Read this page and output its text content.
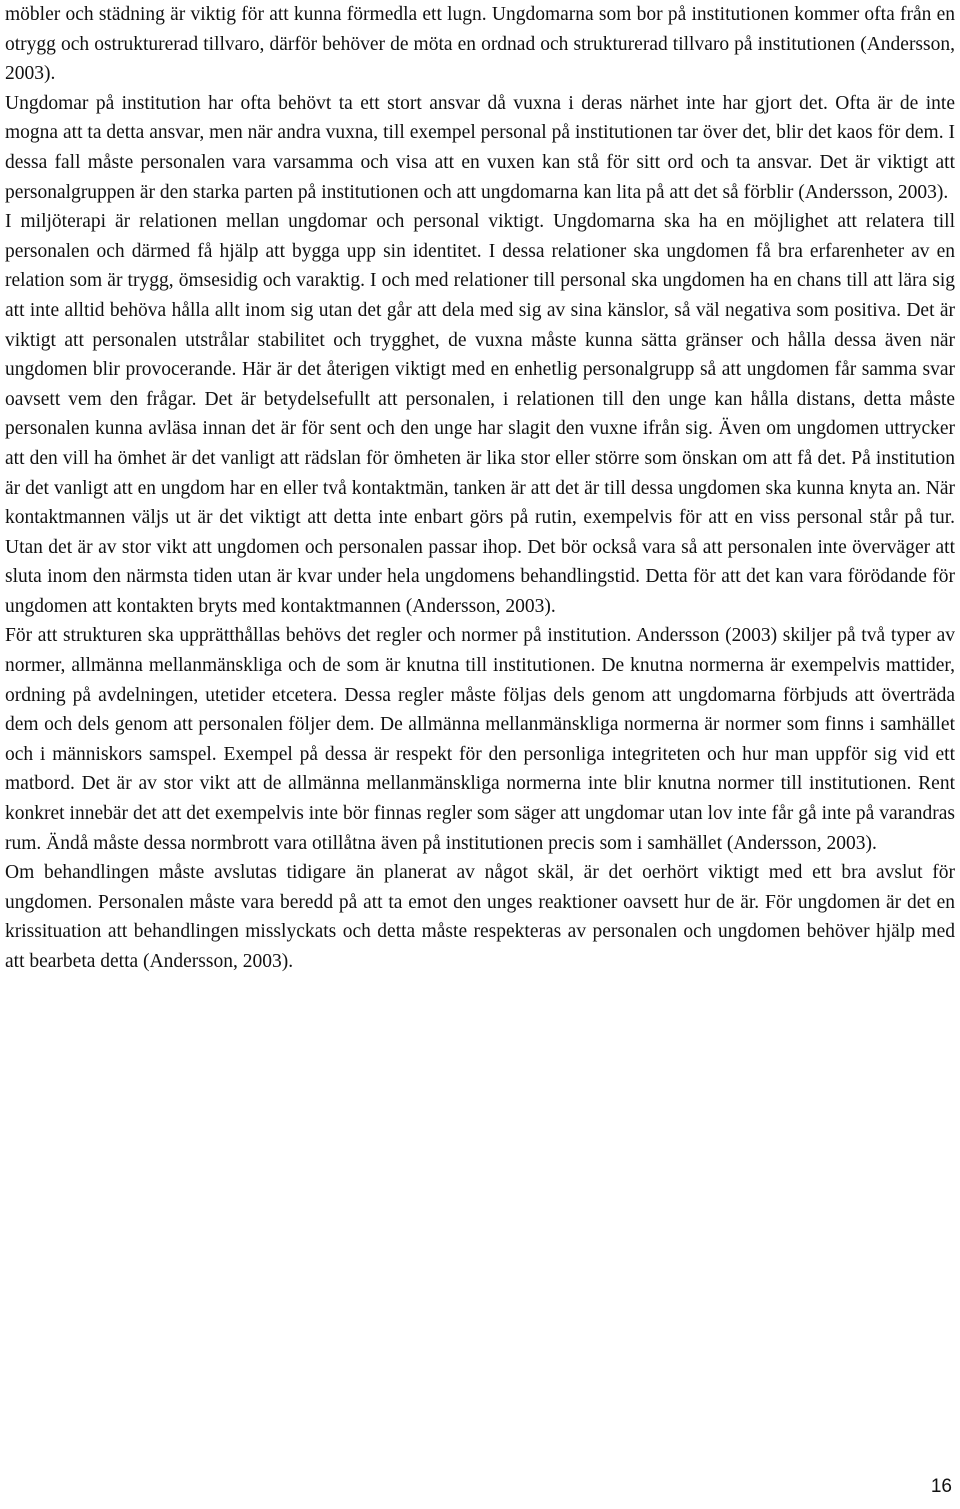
möbler och städning är viktig för att kunna förmedla ett lugn. Ungdomarna som bor på institutionen kommer ofta från en otrygg och ostrukturerad tillvaro, därför behöver de möta en ordnad och strukturerad tillvaro på institutionen (Andersson, 2003).

Ungdomar på institution har ofta behövt ta ett stort ansvar då vuxna i deras närhet inte har gjort det. Ofta är de inte mogna att ta detta ansvar, men när andra vuxna, till exempel personal på institutionen tar över det, blir det kaos för dem. I dessa fall måste personalen vara varsamma och visa att en vuxen kan stå för sitt ord och ta ansvar. Det är viktigt att personalgruppen är den starka parten på institutionen och att ungdomarna kan lita på att det så förblir (Andersson, 2003).

I miljöterapi är relationen mellan ungdomar och personal viktigt. Ungdomarna ska ha en möjlighet att relatera till personalen och därmed få hjälp att bygga upp sin identitet. I dessa relationer ska ungdomen få bra erfarenheter av en relation som är trygg, ömsesidig och varaktig. I och med relationer till personal ska ungdomen ha en chans till att lära sig att inte alltid behöva hålla allt inom sig utan det går att dela med sig av sina känslor, så väl negativa som positiva. Det är viktigt att personalen utstrålar stabilitet och trygghet, de vuxna måste kunna sätta gränser och hålla dessa även när ungdomen blir provocerande. Här är det återigen viktigt med en enhetlig personalgrupp så att ungdomen får samma svar oavsett vem den frågar. Det är betydelsefullt att personalen, i relationen till den unge kan hålla distans, detta måste personalen kunna avläsa innan det är för sent och den unge har slagit den vuxne ifrån sig. Även om ungdomen uttrycker att den vill ha ömhet är det vanligt att rädslan för ömheten är lika stor eller större som önskan om att få det. På institution är det vanligt att en ungdom har en eller två kontaktmän, tanken är att det är till dessa ungdomen ska kunna knyta an. När kontaktmannen väljs ut är det viktigt att detta inte enbart görs på rutin, exempelvis för att en viss personal står på tur. Utan det är av stor vikt att ungdomen och personalen passar ihop. Det bör också vara så att personalen inte överväger att sluta inom den närmsta tiden utan är kvar under hela ungdomens behandlingstid. Detta för att det kan vara förödande för ungdomen att kontakten bryts med kontaktmannen (Andersson, 2003).

För att strukturen ska upprätthållas behövs det regler och normer på institution. Andersson (2003) skiljer på två typer av normer, allmänna mellanmänskliga och de som är knutna till institutionen. De knutna normerna är exempelvis mattider, ordning på avdelningen, utetider etcetera. Dessa regler måste följas dels genom att ungdomarna förbjuds att överträda dem och dels genom att personalen följer dem. De allmänna mellanmänskliga normerna är normer som finns i samhället och i människors samspel. Exempel på dessa är respekt för den personliga integriteten och hur man uppför sig vid ett matbord. Det är av stor vikt att de allmänna mellanmänskliga normerna inte blir knutna normer till institutionen. Rent konkret innebär det att det exempelvis inte bör finnas regler som säger att ungdomar utan lov inte får gå inte på varandras rum. Ändå måste dessa normbrott vara otillåtna även på institutionen precis som i samhället (Andersson, 2003).

Om behandlingen måste avslutas tidigare än planerat av något skäl, är det oerhört viktigt med ett bra avslut för ungdomen. Personalen måste vara beredd på att ta emot den unges reaktioner oavsett hur de är. För ungdomen är det en krissituation att behandlingen misslyckats och detta måste respekteras av personalen och ungdomen behöver hjälp med att bearbeta detta (Andersson, 2003).

16
